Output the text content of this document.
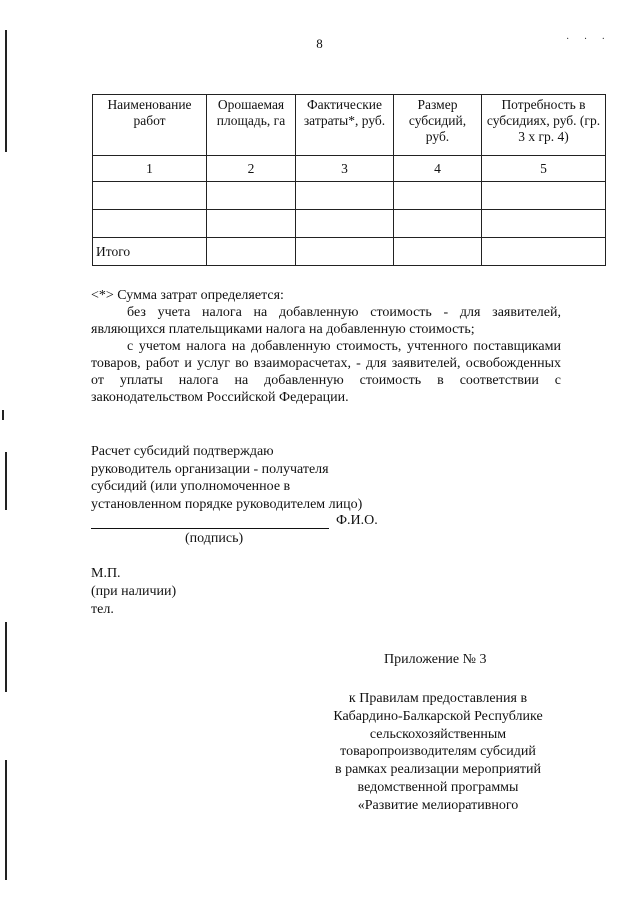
8	· · ·
Наименование работ	Орошаемая площадь, га	Фактические затраты*, руб.	Размер субсидий, руб.	Потребность в субсидиях, руб. (гр. 3 х гр. 4)
1	2	3	4	5

Итого				

<*> Сумма затрат определяется:

без учета налога на добавленную стоимость - для заявителей, являющихся плательщиками налога на добавленную стоимость;

с учетом налога на добавленную стоимость, учтенного поставщиками товаров, работ и услуг во взаиморасчетах, - для заявителей, освобожденных от уплаты налога на добавленную стоимость в соответствии с законодательством Российской Федерации.

Расчет субсидий подтверждаю

руководитель организации - получателя

субсидий (или уполномоченное в

установленном порядке руководителем лицо)

Ф.И.О.
(подпись)

М.П.

(при наличии)

тел.

Приложение № 3

к Правилам предоставления в

Кабардино-Балкарской Республике

сельскохозяйственным

товаропроизводителям субсидий

в рамках реализации мероприятий

ведомственной программы

«Развитие мелиоративного
